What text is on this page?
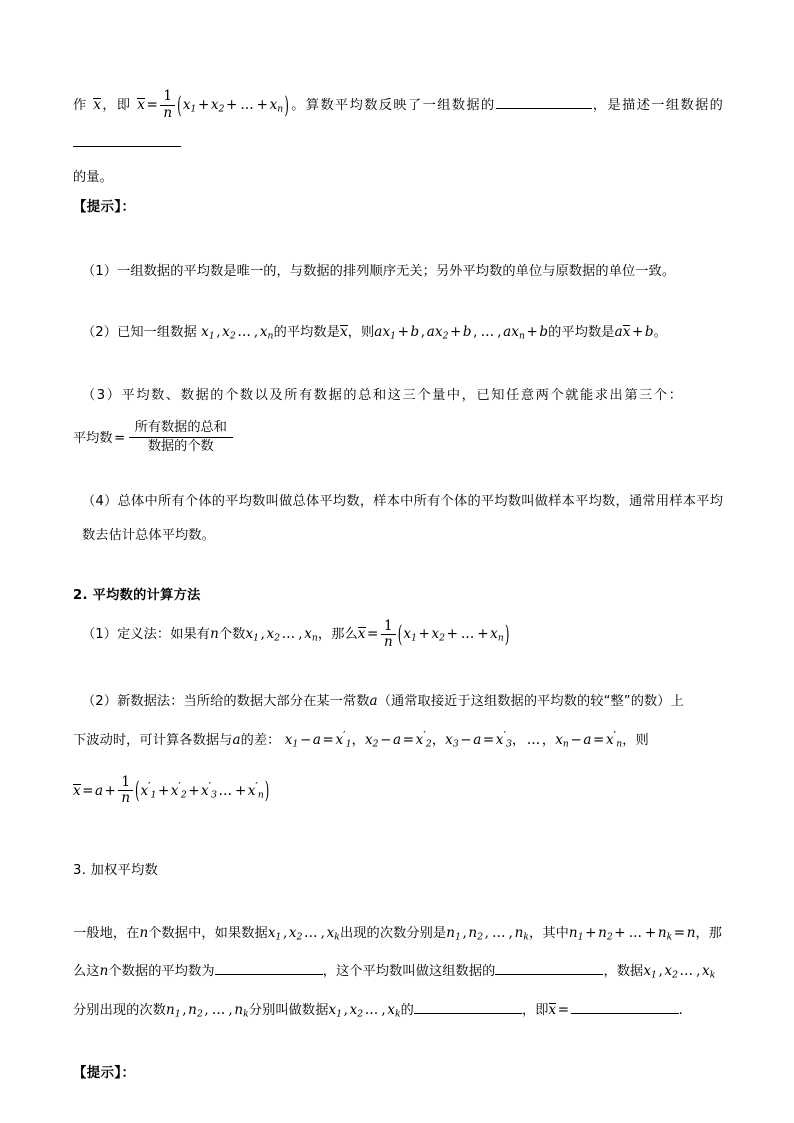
作 x，即 $x = \frac{1}{n} (x_1 + x_2$ + ... + $x_n$)。算数平均数反映了一组数据的	，是描述一组数据的

的量。

【提示】：

（1）一组数据的平均数是唯一的，与数据的排列顺序无关；另外平均数的单位与原数据的单位一致。

（2）已知一组数据 $x_1$ , $x_2$ … , $x_n$的平均数是x，则$ax_1 + b$ , $ax_2 + b$ , … , $ax_n + b$的平均数是ax + b。

（3）平均数、数据的个数以及所有数据的总和这三个量中，已知任意两个就能求出第三个：

平均数 = $\frac{\text{所有数据的总和}}{\text{数据的个数}}$

（4）总体中所有个体的平均数叫做总体平均数，样本中所有个体的平均数叫做样本平均数，通常用样本平均数去估计总体平均数。

2. 平均数的计算方法

（1）定义法：如果有n个数$x_1$ , $x_2$ … , $x_n$，那么$x = \frac{1}{n} (x_1 + x_2$ + ... + $x_n$)

（2）新数据法：当所给的数据大部分在某一常数a（通常取接近于这组数据的平均数的较“整”的数）上

下波动时，可计算各数据与a的差： $x_1 - a = x'_1$，$x_2 - a = x'_2$，$x_3 - a = x'_3$， … ，$x_n - a = x'_n$，则

$x = a + \frac{1}{n} (x'_1 + x'_2 + x'_3$ … + $x'_n$)

3. 加权平均数

一般地，在n个数据中，如果数据$x_1$ , $x_2$ … , $x_k$出现的次数分别是$n_1$ , $n_2$ , … , $n_k$，其中$n_1 + n_2$ + ... + $n_k = n$，那

么这n个数据的平均数为	，这个平均数叫做这组数据的	，数据$x_1$ , $x_2$ … , $x_k$

分别出现的次数$n_1$ , $n_2$ , … , $n_k$分别叫做数据$x_1$ , $x_2$ … , $x_k$的	，即x =	.

【提示】：
